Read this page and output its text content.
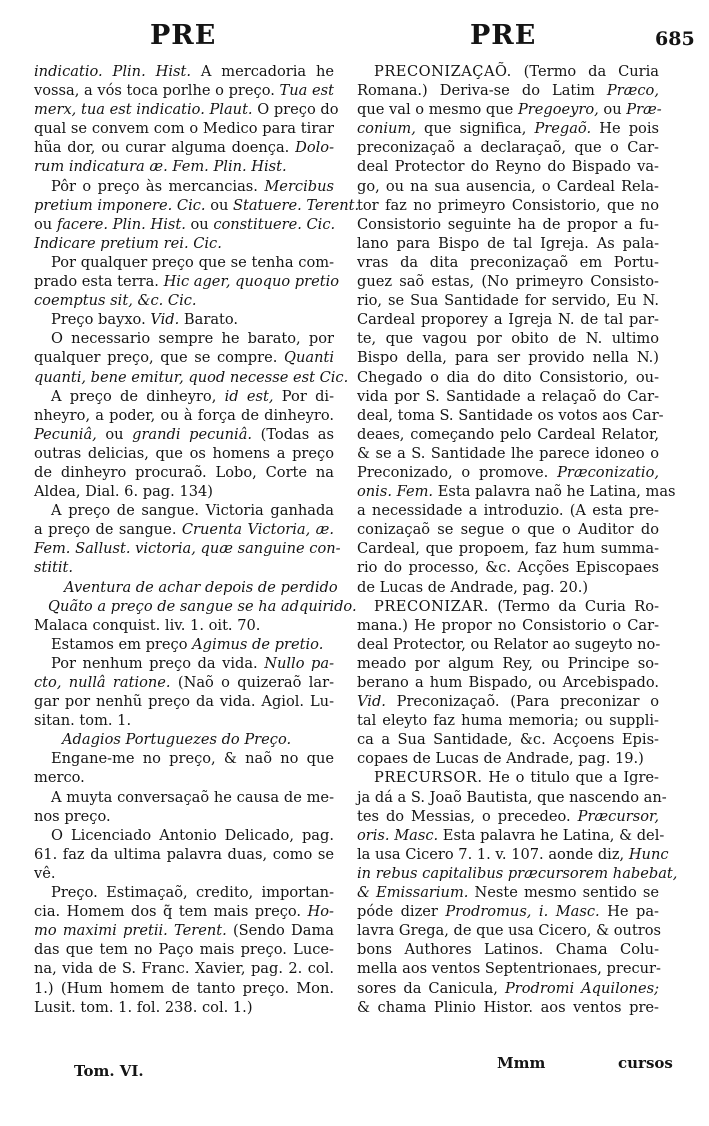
PRE	PRE	685
indicatio. Plin. Hist. A mercadoria he
vossa, a vós toca porlhe o preço. Tua est
merx, tua est indicatio. Plaut. O preço do
qual se convem com o Medico para tirar
hũa dor, ou curar alguma doença. Dolo-
rum indicatura æ. Fem. Plin. Hist.
Pôr o preço às mercancias. Mercibus
pretium imponere. Cic. ou Statuere. Terent.
ou facere. Plin. Hist. ou constituere. Cic.
Indicare pretium rei. Cic.
Por qualquer preço que se tenha com-
prado esta terra. Hic ager, quoquo pretio
coemptus sit, &c. Cic.
Preço bayxo. Vid. Barato.
O necessario sempre he barato, por
qualquer preço, que se compre. Quanti
quanti, bene emitur, quod necesse est Cic.
A preço de dinheyro, id est, Por di-
nheyro, a poder, ou à força de dinheyro.
Pecuniâ, ou grandi pecuniâ. (Todas as
outras delicias, que os homens a preço
de dinheyro procuraõ. Lobo, Corte na
Aldea, Dial. 6. pag. 134)
A preço de sangue. Victoria ganhada
a preço de sangue. Cruenta Victoria, æ.
Fem. Sallust. victoria, quæ sanguine con-
stitit.
Aventura de achar depois de perdido
Quãto a preço de sangue se ha adquirido.
Malaca conquist. liv. 1. oit. 70.
Estamos em preço Agimus de pretio.
Por nenhum preço da vida. Nullo pa-
cto, nullâ ratione. (Naõ o quizeraõ lar-
gar por nenhũ preço da vida. Agiol. Lu-
sitan. tom. 1.
Adagios Portuguezes do Preço.
Engane-me no preço, & naõ no que
merco.
A muyta conversaçaõ he causa de me-
nos preço.
O Licenciado Antonio Delicado, pag.
61. faz da ultima palavra duas, como se
vê.
Preço. Estimaçaõ, credito, importan-
cia. Homem dos q̃ tem mais preço. Ho-
mo maximi pretii. Terent. (Sendo Dama
das que tem no Paço mais preço. Luce-
na, vida de S. Franc. Xavier, pag. 2. col.
1.) (Hum homem de tanto preço. Mon.
Lusit. tom. 1. fol. 238. col. 1.)
PRECONIZAÇAÕ. (Termo da Curia
Romana.) Deriva-se do Latim Præco,
que val o mesmo que Pregoeyro, ou Præ-
conium, que significa, Pregaõ. He pois
preconizaçaõ a declaraçaõ, que o Car-
deal Protector do Reyno do Bispado va-
go, ou na sua ausencia, o Cardeal Rela-
tor faz no primeyro Consistorio, que no
Consistorio seguinte ha de propor a fu-
lano para Bispo de tal Igreja. As pala-
vras da dita preconizaçaõ em Portu-
guez saõ estas, (No primeyro Consisto-
rio, se Sua Santidade for servido, Eu N.
Cardeal proporey a Igreja N. de tal par-
te, que vagou por obito de N. ultimo
Bispo della, para ser provido nella N.)
Chegado o dia do dito Consistorio, ou-
vida por S. Santidade a relaçaõ do Car-
deal, toma S. Santidade os votos aos Car-
deaes, começando pelo Cardeal Relator,
& se a S. Santidade lhe parece idoneo o
Preconizado, o promove. Præconizatio,
onis. Fem. Esta palavra naõ he Latina, mas
a necessidade a introduzio. (A esta pre-
conizaçaõ se segue o que o Auditor do
Cardeal, que propoem, faz hum summa-
rio do processo, &c. Acções Episcopaes
de Lucas de Andrade, pag. 20.)
PRECONIZAR. (Termo da Curia Ro-
mana.) He propor no Consistorio o Car-
deal Protector, ou Relator ao sugeyto no-
meado por algum Rey, ou Principe so-
berano a hum Bispado, ou Arcebispado.
Vid. Preconizaçaõ. (Para preconizar o
tal eleyto faz huma memoria; ou suppli-
ca a Sua Santidade, &c. Acçoens Epis-
copaes de Lucas de Andrade, pag. 19.)
PRECURSOR. He o titulo que a Igre-
ja dá a S. Joaõ Bautista, que nascendo an-
tes do Messias, o precedeo. Præcursor,
oris. Masc. Esta palavra he Latina, & del-
la usa Cicero 7. 1. v. 107. aonde diz, Hunc
in rebus capitalibus præcursorem habebat,
& Emissarium. Neste mesmo sentido se
póde dizer Prodromus, i. Masc. He pa-
lavra Grega, de que usa Cicero, & outros
bons Authores Latinos. Chama Colu-
mella aos ventos Septentrionaes, precur-
sores da Canicula, Prodromi Aquilones;
& chama Plinio Histor. aos ventos pre-
Tom. VI.	Mmm	cursos
